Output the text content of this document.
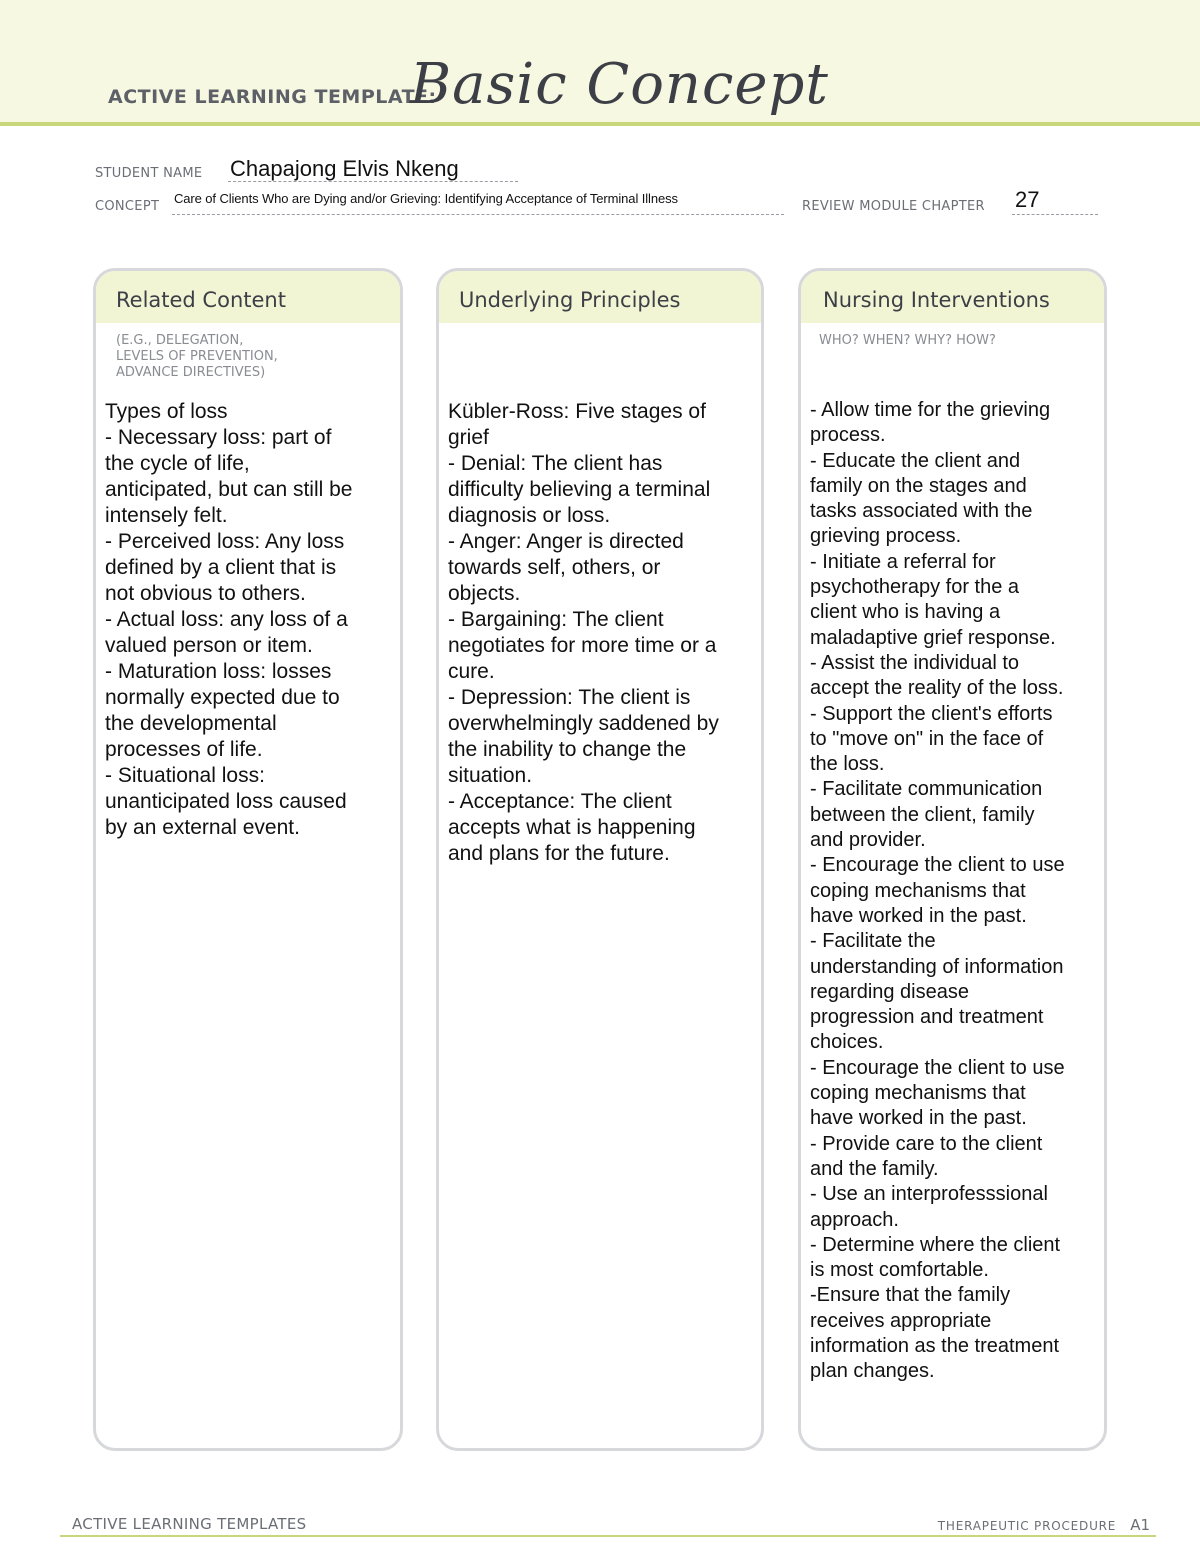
ACTIVE LEARNING TEMPLATE:
Basic Concept
STUDENT NAME Chapajong Elvis Nkeng
CONCEPT
Care of Clients Who are Dying and/or Grieving: Identifying Acceptance of Terminal Illness
REVIEW MODULE CHAPTER 27
Related Content
(E.G., DELEGATION,
LEVELS OF PREVENTION,
ADVANCE DIRECTIVES)
Types of loss
- Necessary loss: part of
the cycle of life,
anticipated, but can still be
intensely felt.
- Perceived loss: Any loss
defined by a client that is
not obvious to others.
- Actual loss: any loss of a
valued person or item.
- Maturation loss: losses
normally expected due to
the developmental
processes of life.
- Situational loss:
unanticipated loss caused
by an external event.
Underlying Principles
Kübler-Ross: Five stages of
grief
- Denial: The client has
difficulty believing a terminal
diagnosis or loss.
- Anger: Anger is directed
towards self, others, or
objects.
- Bargaining: The client
negotiates for more time or a
cure.
- Depression: The client is
overwhelmingly saddened by
the inability to change the
situation.
- Acceptance: The client
accepts what is happening
and plans for the future.
Nursing Interventions
WHO? WHEN? WHY? HOW?
- Allow time for the grieving
process.
- Educate the client and
family on the stages and
tasks associated with the
grieving process.
- Initiate a referral for
psychotherapy for the a
client who is having a
maladaptive grief response.
- Assist the individual to
accept the reality of the loss.
- Support the client's efforts
to "move on" in the face of
the loss.
- Facilitate communication
between the client, family
and provider.
- Encourage the client to use
coping mechanisms that
have worked in the past.
- Facilitate the
understanding of information
regarding disease
progression and treatment
choices.
- Encourage the client to use
coping mechanisms that
have worked in the past.
- Provide care to the client
and the family.
- Use an interprofesssional
approach.
- Determine where the client
is most comfortable.
-Ensure that the family
receives appropriate
information as the treatment
plan changes.
ACTIVE LEARNING TEMPLATES	THERAPEUTIC PROCEDURE A1
